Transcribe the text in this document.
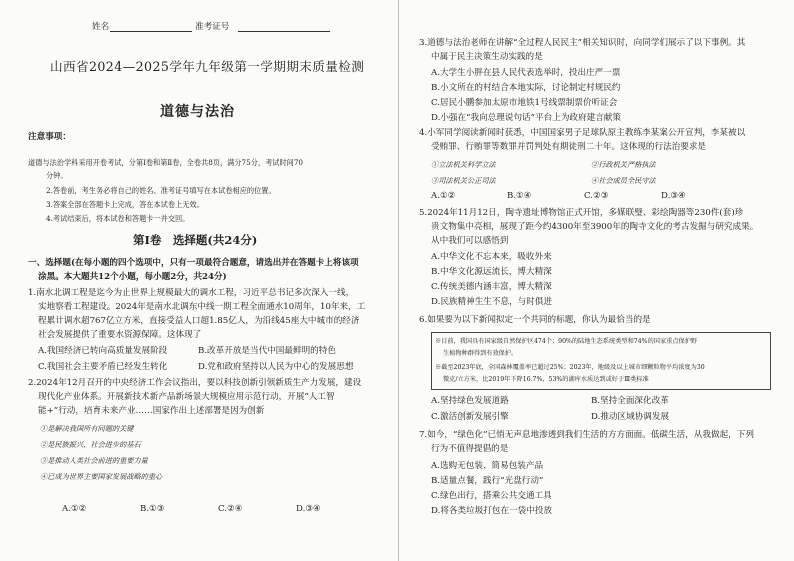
姓名	准考证号
山西省2024—2025学年九年级第一学期期末质量检测
道德与法治
注意事项：
道德与法治学科采用开卷考试，分第Ⅰ卷和第Ⅱ卷，全卷共8页，满分75分，考试时间70
分钟。
2.答卷前，考生务必将自己的姓名、准考证号填写在本试卷相应的位置。
3.答案全部在答题卡上完成，答在本试卷上无效。
4.考试结束后，将本试卷和答题卡一并交回。
第Ⅰ卷　选择题(共24分)
一、选择题(在每小题的四个选项中，只有一项最符合题意，请选出并在答题卡上将该项
涂黑。本大题共12个小题，每小题2分，共24分)
1.南水北调工程是迄今为止世界上规模最大的调水工程，习近平总书记多次深入一线，
实地察看工程建设。2024年是南水北调东中线一期工程全面通水10周年，10年来，工
程累计调水超767亿立方米，直接受益人口超1.85亿人，为沿线45座大中城市的经济
社会发展提供了重要水资源保障。这体现了
A.我国经济已转向高质量发展阶段	B.改革开放是当代中国最鲜明的特色
C.我国社会主要矛盾已经发生转化	D.党和政府坚持以人民为中心的发展思想
2.2024年12月召开的中央经济工作会议指出，要以科技创新引领新质生产力发展，建设
现代化产业体系。开展新技术新产品新场景大规模应用示范行动，开展“人工智
能+”行动，培育未来产业……国家作出上述部署是因为创新
①是解决我国所有问题的关键
②是民族振兴、社会进步的基石
③是推动人类社会前进的重要力量
④已成为世界主要国家发展战略的重心
A.①②	B.①③	C.②④	D.③④
3.道德与法治老师在讲解“全过程人民民主”相关知识时，向同学们展示了以下事例。其
中属于民主决策生动实践的是
A.大学生小胖在县人民代表选举时，投出庄严一票
B.小文所在的村结合本地实际，讨论制定村规民约
C.居民小鹏参加太原市地铁1号线票制票价听证会
D.小强在“我向总理说句话”平台上为政府建言献策
4.小军同学阅读新闻时获悉，中国国家男子足球队原主教练李某案公开宣判，李某被以
受贿罪、行贿罪等数罪并罚判处有期徒刑二十年。这体现的行法治要求是
①立法机关科学立法	②行政机关严格执法
③司法机关公正司法	④社会成员全民守法
A.①②	B.①④	C.②③	D.③④
5.2024年11月12日，陶寺遗址博物馆正式开馆，多媒联璧、彩绘陶器等230件(套)珍
贵文物集中亮相，展现了距今约4300年至3900年的陶寺文化的考古发掘与研究成果。
从中我们可以感悟到
A.中华文化不忘本来，吸收外来
B.中华文化源远流长，博大精深
C.传统美德内涵丰富，博大精深
D.民族精神生生不息，与时俱进
6.如果要为以下新闻拟定一个共同的标题，你认为最恰当的是
※目前，我国具有国家级自然保护区474个；90%的陆地生态系统类型和74%的国家重点保护野
生植物种群得到有效保护。
※截至2023年底，全国森林覆盖率已超过25%；2023年，地级及以上城市细颗粒物平均浓度为30
微克/立方米，比2019年下降16.7%，53%的湖库水质达到或好于Ⅲ类标准
A.坚持绿色发展道路	B.坚持全面深化改革
C.激活创新发展引擎	D.推动区域协调发展
7.如今，“绿色化”已悄无声息地渗透到我们生活的方方面面。低碳生活，从我做起，下列
行为不值得提倡的是
A.选购无包装、简易包装产品
B.适量点餐，践行“光盘行动”
C.绿色出行，搭乘公共交通工具
D.将各类垃圾打包在一袋中投放
